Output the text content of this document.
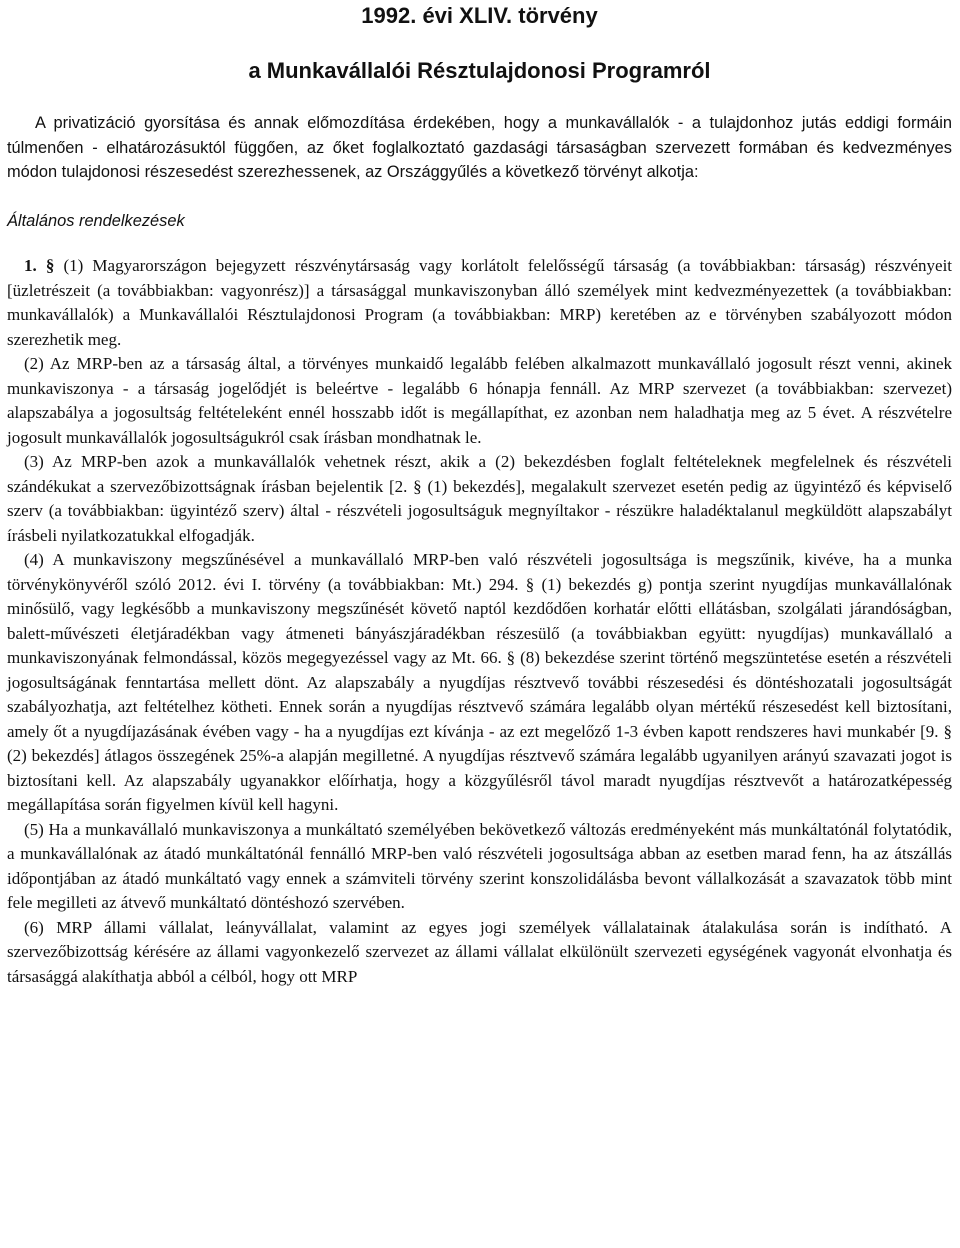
1992. évi XLIV. törvény
a Munkavállalói Résztulajdonosi Programról

A privatizáció gyorsítása és annak előmozdítása érdekében, hogy a munkavállalók - a tulajdonhoz jutás eddigi formáin túlmenően - elhatározásuktól függően, az őket foglalkoztató gazdasági társaságban szervezett formában és kedvezményes módon tulajdonosi részesedést szerezhessenek, az Országgyűlés a következő törvényt alkotja:

Általános rendelkezések

1. § (1) Magyarországon bejegyzett részvénytársaság vagy korlátolt felelősségű társaság (a továbbiakban: társaság) részvényeit [üzletrészeit (a továbbiakban: vagyonrész)] a társasággal munkaviszonyban álló személyek mint kedvezményezettek (a továbbiakban: munkavállalók) a Munkavállalói Résztulajdonosi Program (a továbbiakban: MRP) keretében az e törvényben szabályozott módon szerezhetik meg.

(2) Az MRP-ben az a társaság által, a törvényes munkaidő legalább felében alkalmazott munkavállaló jogosult részt venni, akinek munkaviszonya - a társaság jogelődjét is beleértve - legalább 6 hónapja fennáll. Az MRP szervezet (a továbbiakban: szervezet) alapszabálya a jogosultság feltételeként ennél hosszabb időt is megállapíthat, ez azonban nem haladhatja meg az 5 évet. A részvételre jogosult munkavállalók jogosultságukról csak írásban mondhatnak le.

(3) Az MRP-ben azok a munkavállalók vehetnek részt, akik a (2) bekezdésben foglalt feltételeknek megfelelnek és részvételi szándékukat a szervezőbizottságnak írásban bejelentik [2. § (1) bekezdés], megalakult szervezet esetén pedig az ügyintéző és képviselő szerv (a továbbiakban: ügyintéző szerv) által - részvételi jogosultságuk megnyíltakor - részükre haladéktalanul megküldött alapszabályt írásbeli nyilatkozatukkal elfogadják.

(4) A munkaviszony megszűnésével a munkavállaló MRP-ben való részvételi jogosultsága is megszűnik, kivéve, ha a munka törvénykönyvéről szóló 2012. évi I. törvény (a továbbiakban: Mt.) 294. § (1) bekezdés g) pontja szerint nyugdíjas munkavállalónak minősülő, vagy legkésőbb a munkaviszony megszűnését követő naptól kezdődően korhatár előtti ellátásban, szolgálati járandóságban, balett-művészeti életjáradékban vagy átmeneti bányászjáradékban részesülő (a továbbiakban együtt: nyugdíjas) munkavállaló a munkaviszonyának felmondással, közös megegyezéssel vagy az Mt. 66. § (8) bekezdése szerint történő megszüntetése esetén a részvételi jogosultságának fenntartása mellett dönt. Az alapszabály a nyugdíjas résztvevő további részesedési és döntéshozatali jogosultságát szabályozhatja, azt feltételhez kötheti. Ennek során a nyugdíjas résztvevő számára legalább olyan mértékű részesedést kell biztosítani, amely őt a nyugdíjazásának évében vagy - ha a nyugdíjas ezt kívánja - az ezt megelőző 1-3 évben kapott rendszeres havi munkabér [9. § (2) bekezdés] átlagos összegének 25%-a alapján megilletné. A nyugdíjas résztvevő számára legalább ugyanilyen arányú szavazati jogot is biztosítani kell. Az alapszabály ugyanakkor előírhatja, hogy a közgyűlésről távol maradt nyugdíjas résztvevőt a határozatképesség megállapítása során figyelmen kívül kell hagyni.

(5) Ha a munkavállaló munkaviszonya a munkáltató személyében bekövetkező változás eredményeként más munkáltatónál folytatódik, a munkavállalónak az átadó munkáltatónál fennálló MRP-ben való részvételi jogosultsága abban az esetben marad fenn, ha az átszállás időpontjában az átadó munkáltató vagy ennek a számviteli törvény szerint konszolidálásba bevont vállalkozását a szavazatok több mint fele megilleti az átvevő munkáltató döntéshozó szervében.

(6) MRP állami vállalat, leányvállalat, valamint az egyes jogi személyek vállalatainak átalakulása során is indítható. A szervezőbizottság kérésére az állami vagyonkezelő szervezet az állami vállalat elkülönült szervezeti egységének vagyonát elvonhatja és társasággá alakíthatja abból a célból, hogy ott MRP
